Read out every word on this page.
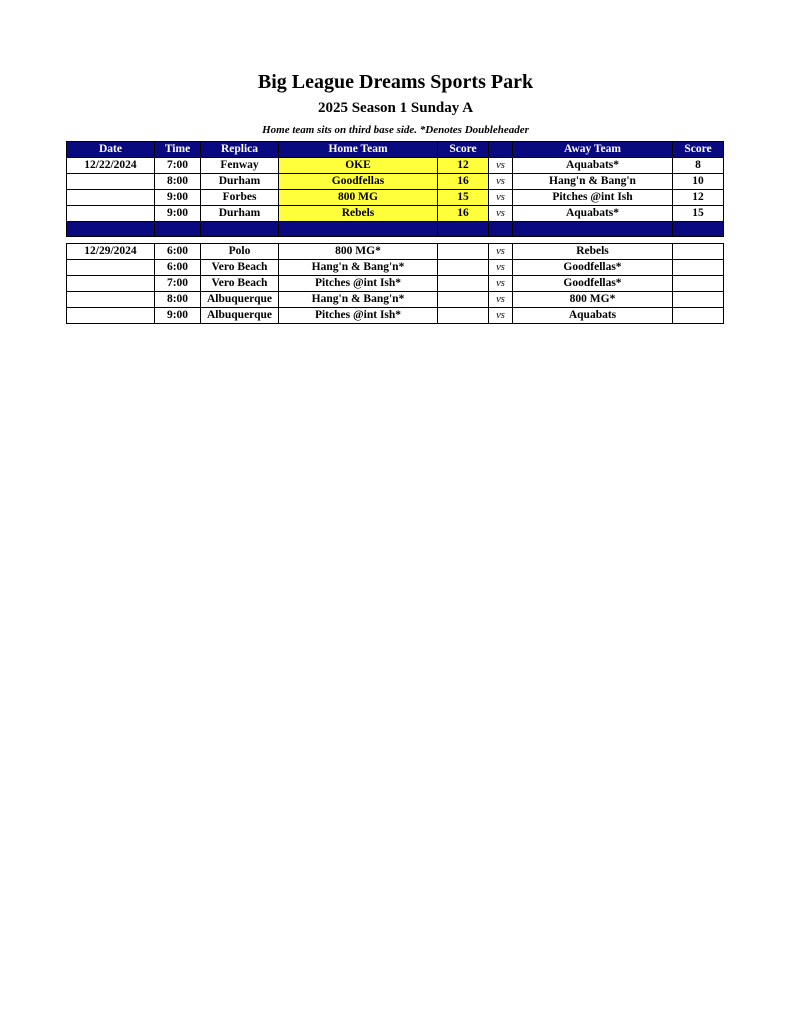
Big League Dreams Sports Park
2025 Season 1 Sunday A
Home team sits on third base side. *Denotes Doubleheader
Date	Time	Replica	Home Team	Score		Away Team	Score
12/22/2024	7:00	Fenway	OKE	12	vs	Aquabats*	8
	8:00	Durham	Goodfellas	16	vs	Hang'n & Bang'n	10
	9:00	Forbes	800 MG	15	vs	Pitches @int Ish	12
	9:00	Durham	Rebels	16	vs	Aquabats*	15

12/29/2024	6:00	Polo	800 MG*		vs	Rebels	
	6:00	Vero Beach	Hang'n & Bang'n*		vs	Goodfellas*	
	7:00	Vero Beach	Pitches @int Ish*		vs	Goodfellas*	
	8:00	Albuquerque	Hang'n & Bang'n*		vs	800 MG*	
	9:00	Albuquerque	Pitches @int Ish*		vs	Aquabats	
